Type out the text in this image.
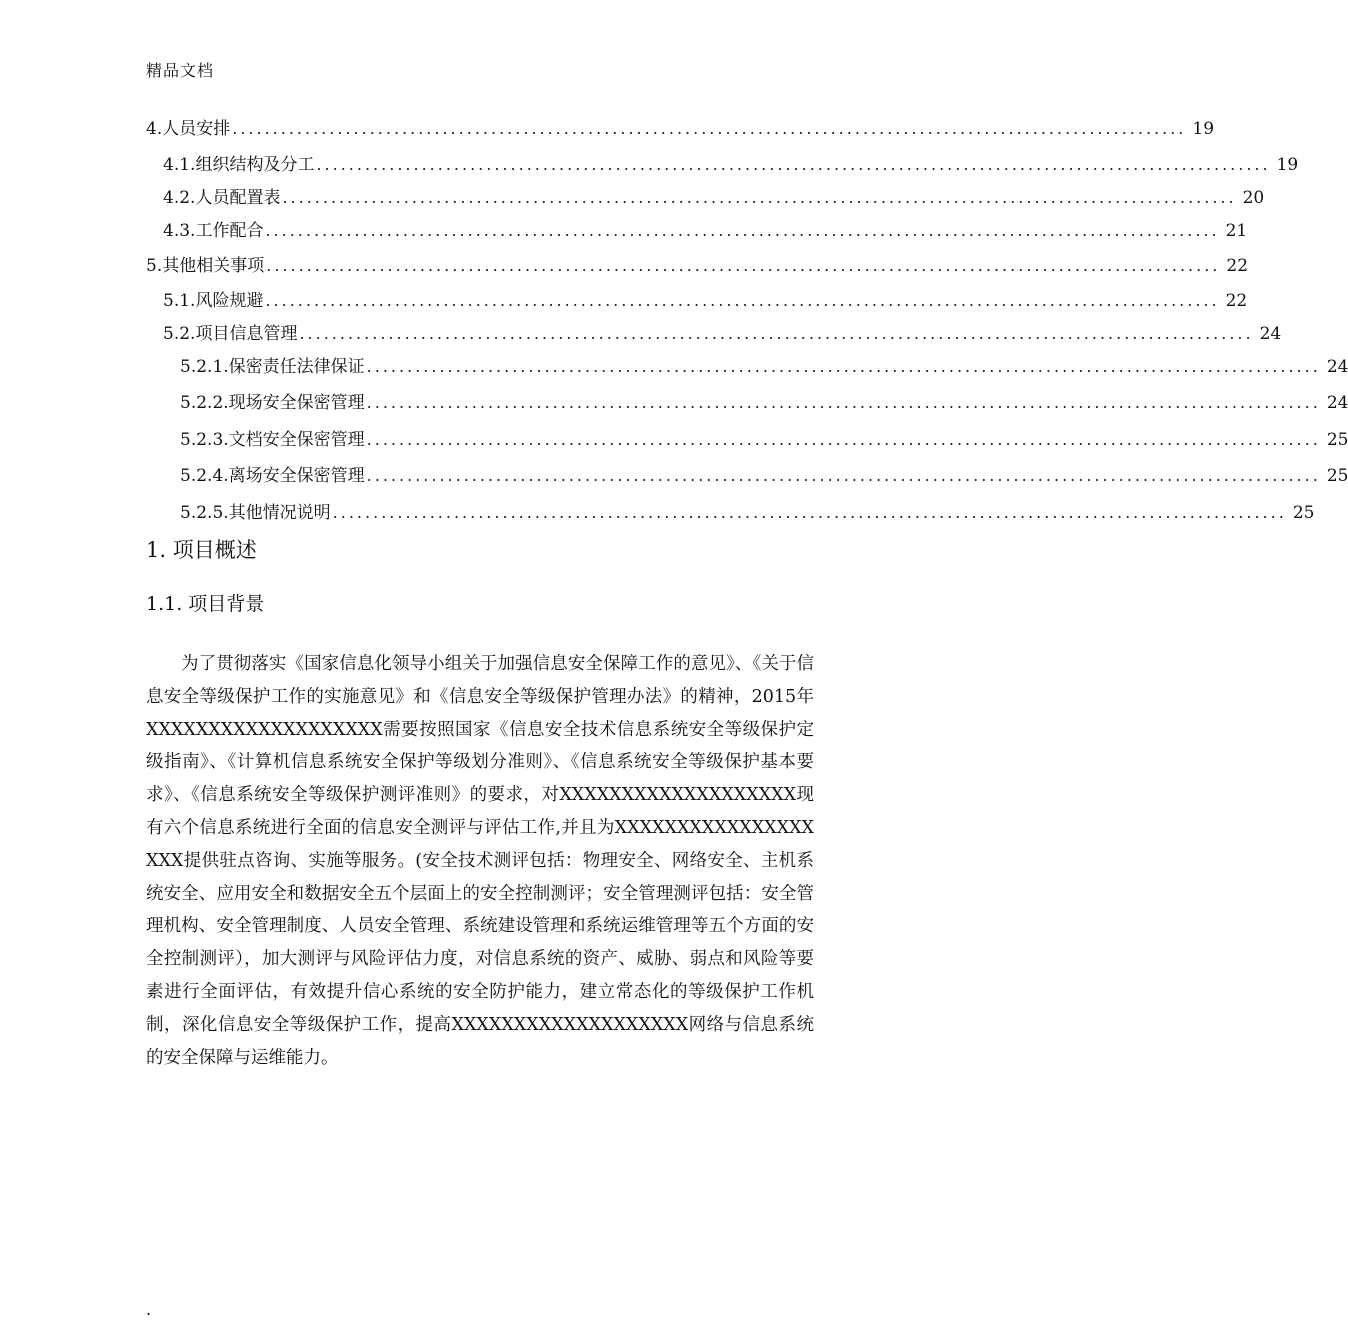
精品文档
4. 人员安排 ...................................................................................................................... 19
4.1. 组织结构及分工 ...................................................................................................................... 19
4.2. 人员配置表 ...................................................................................................................... 20
4.3. 工作配合 ...................................................................................................................... 21
5. 其他相关事项 ...................................................................................................................... 22
5.1. 风险规避 ...................................................................................................................... 22
5.2. 项目信息管理 ...................................................................................................................... 24
5.2.1. 保密责任法律保证 ...................................................................................................................... 24
5.2.2. 现场安全保密管理 ...................................................................................................................... 24
5.2.3. 文档安全保密管理 ...................................................................................................................... 25
5.2.4. 离场安全保密管理 ...................................................................................................................... 25
5.2.5. 其他情况说明 ...................................................................................................................... 25
1. 项目概述
1.1. 项目背景
为了贯彻落实《国家信息化领导小组关于加强信息安全保障工作的意见》、《关于信息安全等级保护工作的实施意见》和《信息安全等级保护管理办法》的精神，2015年XXXXXXXXXXXXXXXXXXX需要按照国家《信息安全技术信息系统安全等级保护定级指南》、《计算机信息系统安全保护等级划分准则》、《信息系统安全等级保护基本要求》、《信息系统安全等级保护测评准则》的要求，对XXXXXXXXXXXXXXXXXXX现有六个信息系统进行全面的信息安全测评与评估工作,并且为XXXXXXXXXXXXXXXXXXX提供驻点咨询、实施等服务。(安全技术测评包括：物理安全、网络安全、主机系统安全、应用安全和数据安全五个层面上的安全控制测评；安全管理测评包括：安全管理机构、安全管理制度、人员安全管理、系统建设管理和系统运维管理等五个方面的安全控制测评），加大测评与风险评估力度，对信息系统的资产、威胁、弱点和风险等要素进行全面评估，有效提升信心系统的安全防护能力，建立常态化的等级保护工作机制，深化信息安全等级保护工作，提高XXXXXXXXXXXXXXXXXXX网络与信息系统的安全保障与运维能力。
.
